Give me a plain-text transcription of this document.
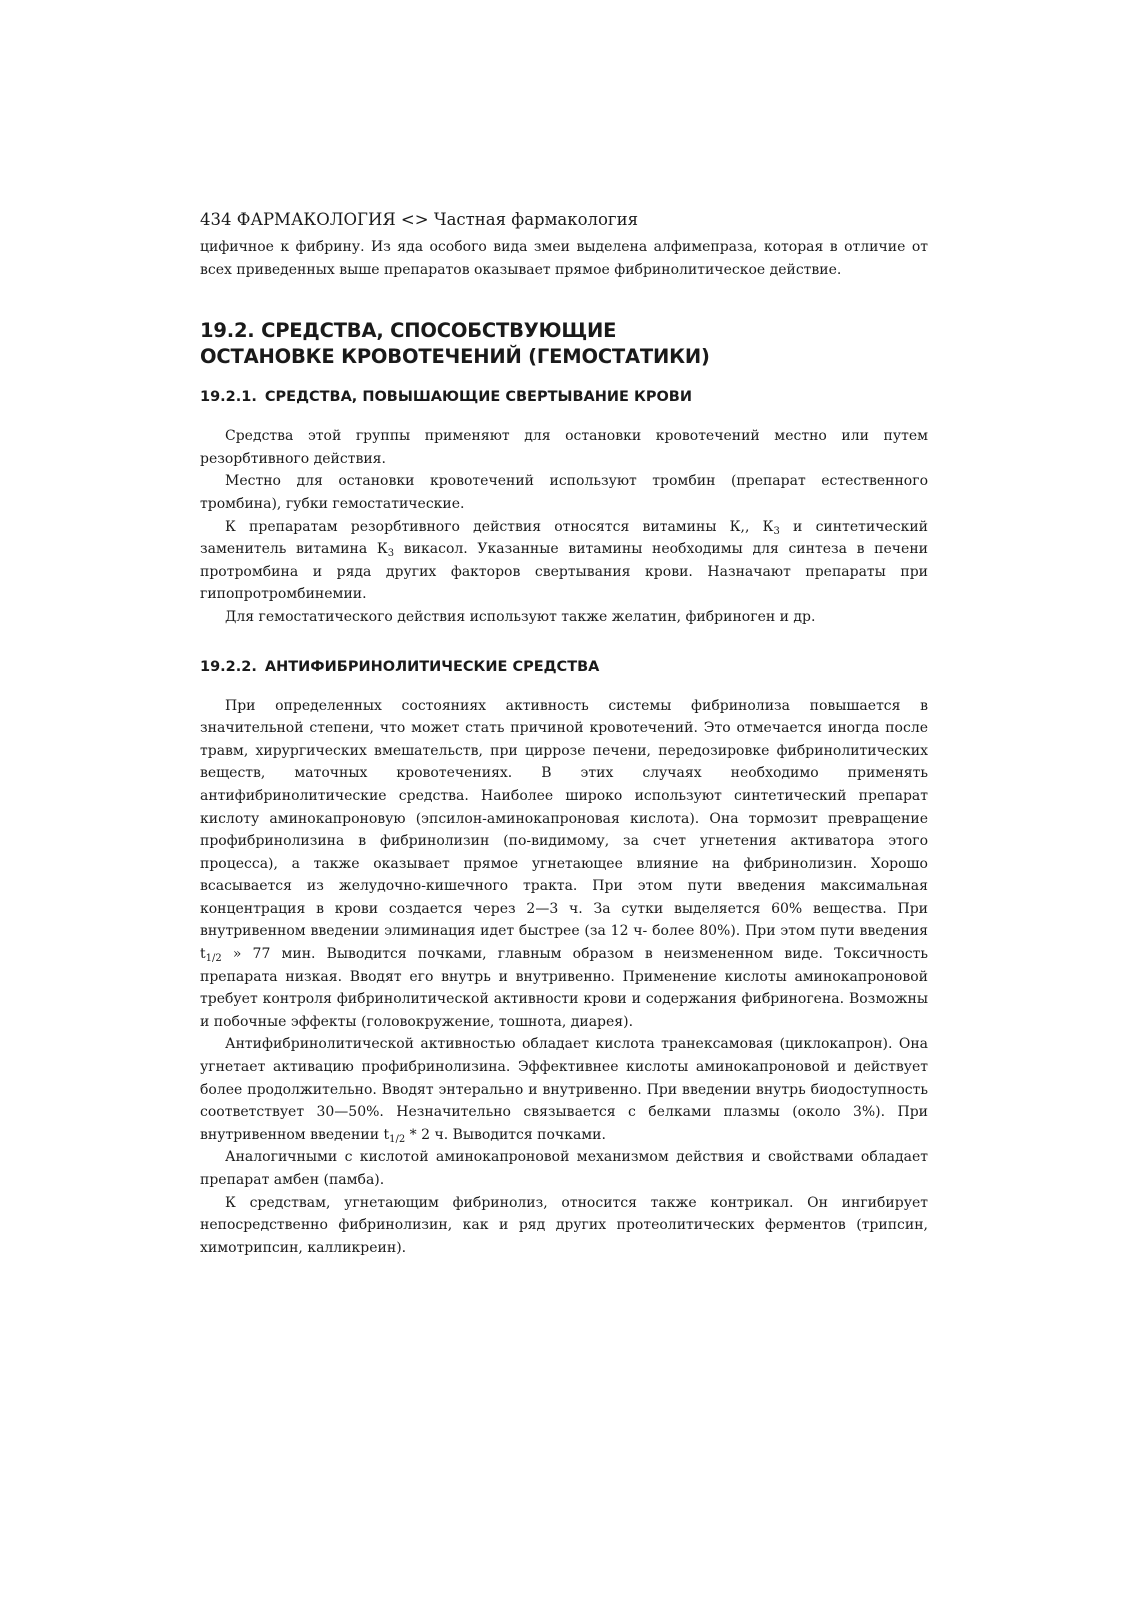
434 ФАРМАКОЛОГИЯ <> Частная фармакология

цифичное к фибрину. Из яда особого вида змеи выделена алфимепраза, которая в отличие от всех приведенных выше препаратов оказывает прямое фибринолитическое действие.

19.2. СРЕДСТВА, СПОСОБСТВУЮЩИЕ
ОСТАНОВКЕ КРОВОТЕЧЕНИЙ (ГЕМОСТАТИКИ)
19.2.1. СРЕДСТВА, ПОВЫШАЮЩИЕ СВЕРТЫВАНИЕ КРОВИ

Средства этой группы применяют для остановки кровотечений местно или путем резорбтивного действия.

Местно для остановки кровотечений используют тромбин (препарат естественного тромбина), губки гемостатические.

К препаратам резорбтивного действия относятся витамины К,, $К_3$ и синтетический заменитель витамина $К_3$ викасол. Указанные витамины необходимы для синтеза в печени протромбина и ряда других факторов свертывания крови. Назначают препараты при гипопротромбинемии.

Для гемостатического действия используют также желатин, фибриноген и др.

19.2.2. АНТИФИБРИНОЛИТИЧЕСКИЕ СРЕДСТВА

При определенных состояниях активность системы фибринолиза повышается в значительной степени, что может стать причиной кровотечений. Это отмечается иногда после травм, хирургических вмешательств, при циррозе печени, передозировке фибринолитических веществ, маточных кровотечениях. В этих случаях необходимо применять антифибринолитические средства. Наиболее широко используют синтетический препарат кислоту аминокапроновую (эпсилон-аминокапроновая кислота). Она тормозит превращение профибринолизина в фибринолизин (по-видимому, за счет угнетения активатора этого процесса), а также оказывает прямое угнетающее влияние на фибринолизин. Хорошо всасывается из желудочно-кишечного тракта. При этом пути введения максимальная концентрация в крови создается через 2—3 ч. За сутки выделяется 60% вещества. При внутривенном введении элиминация идет быстрее (за 12 ч- более 80%). При этом пути введения $t_{1/2}$ » 77 мин. Выводится почками, главным образом в неизмененном виде. Токсичность препарата низкая. Вводят его внутрь и внутривенно. Применение кислоты аминокапроновой требует контроля фибринолитической активности крови и содержания фибриногена. Возможны и побочные эффекты (головокружение, тошнота, диарея).

Антифибринолитической активностью обладает кислота транексамовая (циклокапрон). Она угнетает активацию профибринолизина. Эффективнее кислоты аминокапроновой и действует более продолжительно. Вводят энтерально и внутривенно. При введении внутрь биодоступность соответствует 30—50%. Незначительно связывается с белками плазмы (около 3%). При внутривенном введении $t_{1/2} * 2$ ч. Выводится почками.

Аналогичными с кислотой аминокапроновой механизмом действия и свойствами обладает препарат амбен (памба).

К средствам, угнетающим фибринолиз, относится также контрикал. Он ингибирует непосредственно фибринолизин, как и ряд других протеолитических ферментов (трипсин, химотрипсин, калликреин).
